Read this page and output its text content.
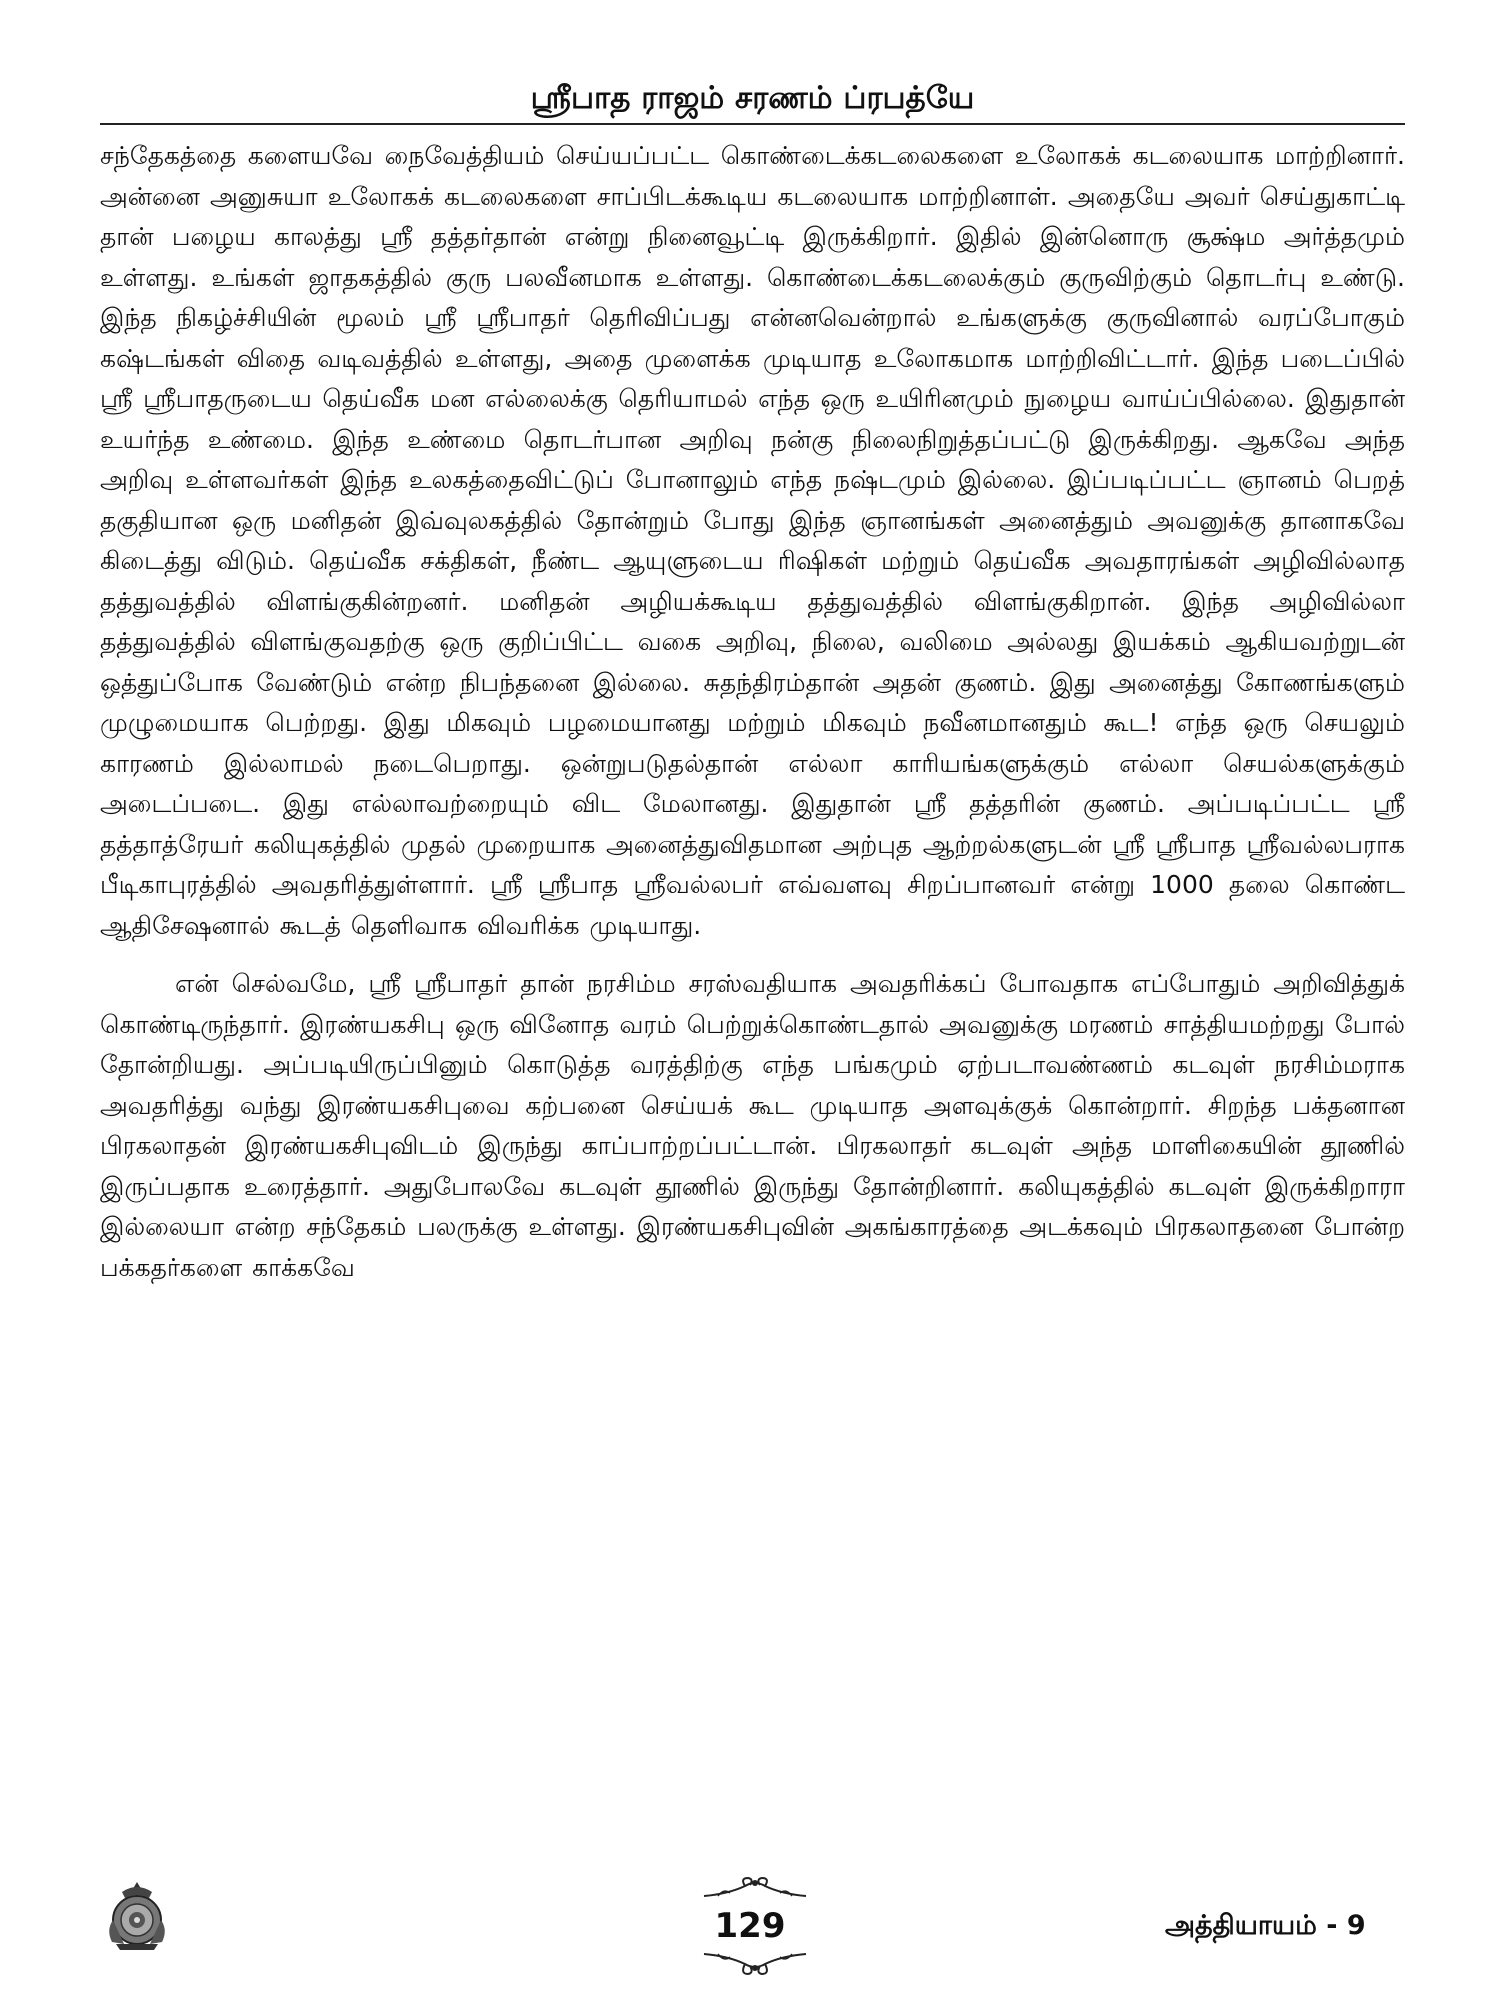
ஸ்ரீபாத ராஜம் சரணம் ப்ரபத்யே

சந்தேகத்தை களையவே நைவேத்தியம் செய்யப்பட்ட கொண்டைக்கடலைகளை உலோகக் கடலையாக மாற்றினார். அன்னை அனுசுயா உலோகக் கடலைகளை சாப்பிடக்கூடிய கடலையாக மாற்றினாள். அதையே அவர் செய்துகாட்டி தான் பழைய காலத்து ஸ்ரீ தத்தர்தான் என்று நினைவூட்டி இருக்கிறார். இதில் இன்னொரு சூக்ஷ்ம அர்த்தமும் உள்ளது. உங்கள் ஜாதகத்தில் குரு பலவீனமாக உள்ளது. கொண்டைக்கடலைக்கும் குருவிற்கும் தொடர்பு உண்டு. இந்த நிகழ்ச்சியின் மூலம் ஸ்ரீ ஸ்ரீபாதர் தெரிவிப்பது என்னவென்றால் உங்களுக்கு குருவினால் வரப்போகும் கஷ்டங்கள் விதை வடிவத்தில் உள்ளது, அதை முளைக்க முடியாத உலோகமாக மாற்றிவிட்டார். இந்த படைப்பில் ஸ்ரீ ஸ்ரீபாதருடைய தெய்வீக மன எல்லைக்கு தெரியாமல் எந்த ஒரு உயிரினமும் நுழைய வாய்ப்பில்லை. இதுதான் உயர்ந்த உண்மை. இந்த உண்மை தொடர்பான அறிவு நன்கு நிலைநிறுத்தப்பட்டு இருக்கிறது. ஆகவே அந்த அறிவு உள்ளவர்கள் இந்த உலகத்தைவிட்டுப் போனாலும் எந்த நஷ்டமும் இல்லை. இப்படிப்பட்ட ஞானம் பெறத் தகுதியான ஒரு மனிதன் இவ்வுலகத்தில் தோன்றும் போது இந்த ஞானங்கள் அனைத்தும் அவனுக்கு தானாகவே கிடைத்து விடும். தெய்வீக சக்திகள், நீண்ட ஆயுளுடைய ரிஷிகள் மற்றும் தெய்வீக அவதாரங்கள் அழிவில்லாத தத்துவத்தில் விளங்குகின்றனர். மனிதன் அழியக்கூடிய தத்துவத்தில் விளங்குகிறான். இந்த அழிவில்லா தத்துவத்தில் விளங்குவதற்கு ஒரு குறிப்பிட்ட வகை அறிவு, நிலை, வலிமை அல்லது இயக்கம் ஆகியவற்றுடன் ஒத்துப்போக வேண்டும் என்ற நிபந்தனை இல்லை. சுதந்திரம்தான் அதன் குணம். இது அனைத்து கோணங்களும் முழுமையாக பெற்றது. இது மிகவும் பழமையானது மற்றும் மிகவும் நவீனமானதும் கூட! எந்த ஒரு செயலும் காரணம் இல்லாமல் நடைபெறாது. ஒன்றுபடுதல்தான் எல்லா காரியங்களுக்கும் எல்லா செயல்களுக்கும் அடைப்படை. இது எல்லாவற்றையும் விட மேலானது. இதுதான் ஸ்ரீ தத்தரின் குணம். அப்படிப்பட்ட ஸ்ரீ தத்தாத்ரேயர் கலியுகத்தில் முதல் முறையாக அனைத்துவிதமான அற்புத ஆற்றல்களுடன் ஸ்ரீ ஸ்ரீபாத ஸ்ரீவல்லபராக பீடிகாபுரத்தில் அவதரித்துள்ளார். ஸ்ரீ ஸ்ரீபாத ஸ்ரீவல்லபர் எவ்வளவு சிறப்பானவர் என்று 1000 தலை கொண்ட ஆதிசேஷனால் கூடத் தெளிவாக விவரிக்க முடியாது.

என் செல்வமே, ஸ்ரீ ஸ்ரீபாதர் தான் நரசிம்ம சரஸ்வதியாக அவதரிக்கப் போவதாக எப்போதும் அறிவித்துக் கொண்டிருந்தார். இரண்யகசிபு ஒரு வினோத வரம் பெற்றுக்கொண்டதால் அவனுக்கு மரணம் சாத்தியமற்றது போல் தோன்றியது. அப்படியிருப்பினும் கொடுத்த வரத்திற்கு எந்த பங்கமும் ஏற்படாவண்ணம் கடவுள் நரசிம்மராக அவதரித்து வந்து இரண்யகசிபுவை கற்பனை செய்யக் கூட முடியாத அளவுக்குக் கொன்றார். சிறந்த பக்தனான பிரகலாதன் இரண்யகசிபுவிடம் இருந்து காப்பாற்றப்பட்டான். பிரகலாதர் கடவுள் அந்த மாளிகையின் தூணில் இருப்பதாக உரைத்தார். அதுபோலவே கடவுள் தூணில் இருந்து தோன்றினார். கலியுகத்தில் கடவுள் இருக்கிறாரா இல்லையா என்ற சந்தேகம் பலருக்கு உள்ளது. இரண்யகசிபுவின் அகங்காரத்தை அடக்கவும் பிரகலாதனை போன்ற பக்கதர்களை காக்கவே

129	அத்தியாயம் - 9
